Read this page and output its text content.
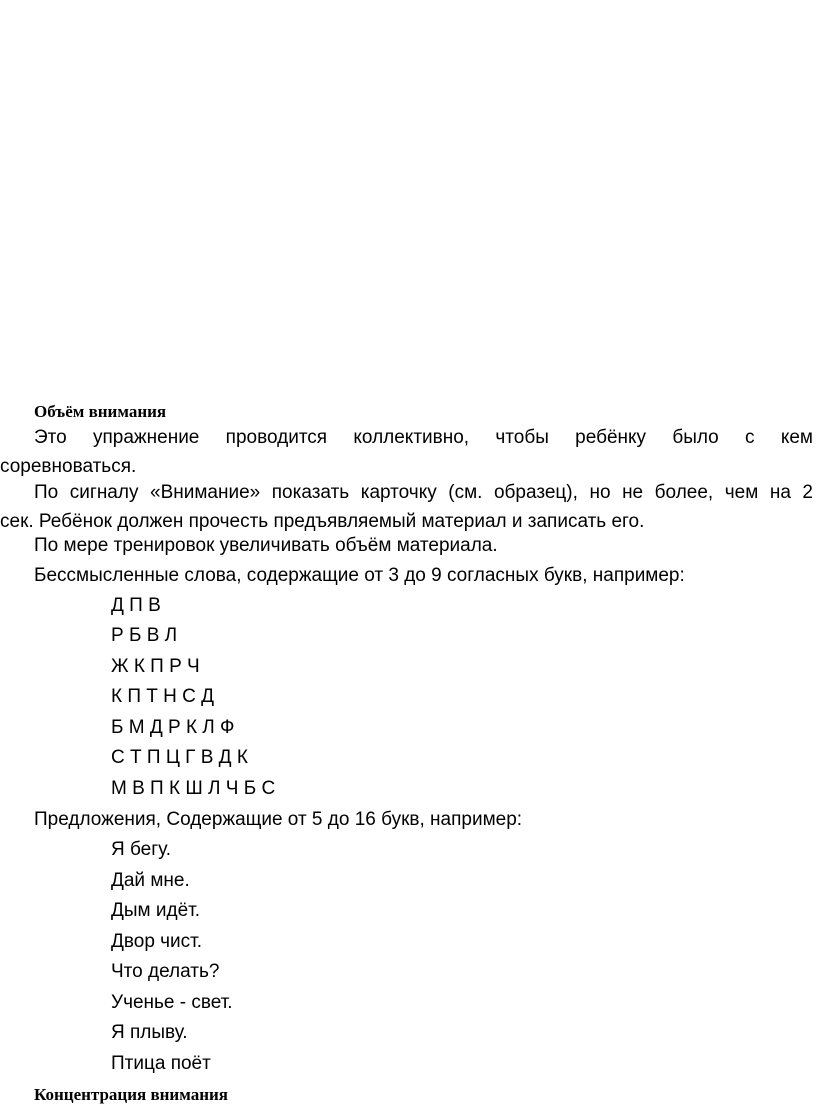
Объём внимания
Это упражнение проводится коллективно, чтобы ребёнку было с кем
соревноваться.
По сигналу «Внимание» показать карточку (см. образец), но не более, чем на 2
сек. Ребёнок должен прочесть предъявляемый материал и записать его.
По мере тренировок увеличивать объём материала.
Бессмысленные слова, содержащие от 3 до 9 согласных букв, например:
Д П В
Р Б В Л
Ж К П Р Ч
К П Т Н С Д
Б М Д Р К Л Ф
С Т П Ц Г В Д К
М В П К Ш Л Ч Б С
Предложения, Содержащие от 5 до 16 букв, например:
Я бегу.
Дай мне.
Дым идёт.
Двор чист.
Что делать?
Ученье - свет.
Я плыву.
Птица поёт
Концентрация внимания
